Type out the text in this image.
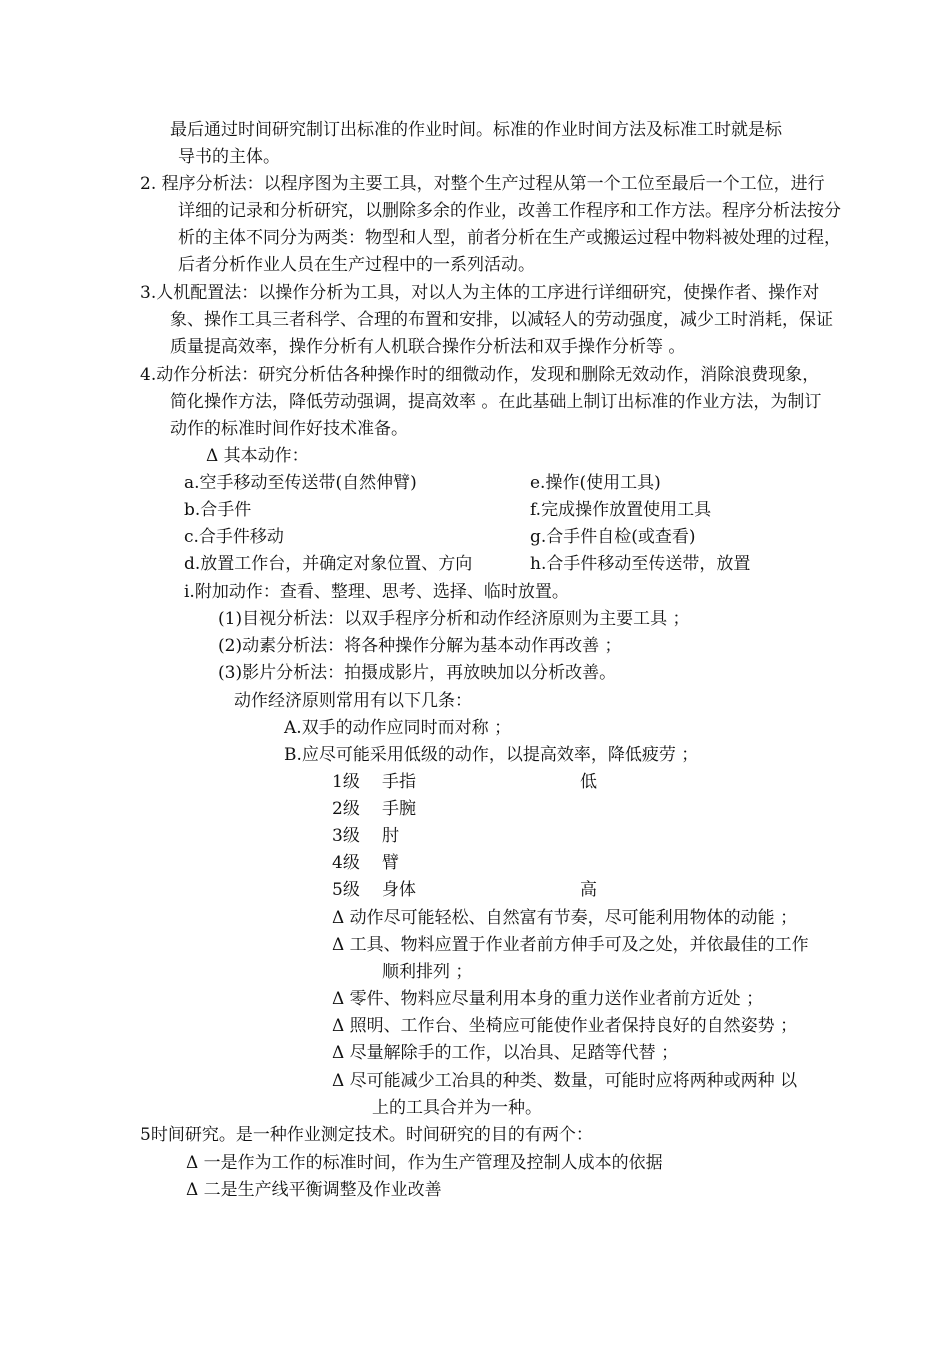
最后通过时间研究制订出标准的作业时间。标准的作业时间方法及标准工时就是标
导书的主体。
2. 程序分析法：以程序图为主要工具，对整个生产过程从第一个工位至最后一个工位，进行
详细的记录和分析研究，以删除多余的作业，改善工作程序和工作方法。程序分析法按分
析的主体不同分为两类：物型和人型，前者分析在生产或搬运过程中物料被处理的过程，
后者分析作业人员在生产过程中的一系列活动。
3.人机配置法：以操作分析为工具，对以人为主体的工序进行详细研究，使操作者、操作对
象、操作工具三者科学、合理的布置和安排，以减轻人的劳动强度，减少工时消耗，保证
质量提高效率，操作分析有人机联合操作分析法和双手操作分析等 。
4.动作分析法：研究分析估各种操作时的细微动作，发现和删除无效动作，消除浪费现象，
简化操作方法，降低劳动强调，提高效率 。在此基础上制订出标准的作业方法，为制订
动作的标准时间作好技术准备。
Δ 其本动作：
a.空手移动至传送带(自然伸臂)	e.操作(使用工具)
b.合手件	f.完成操作放置使用工具
c.合手件移动	g.合手件自检(或查看)
d.放置工作台，并确定对象位置、方向	h.合手件移动至传送带，放置
i.附加动作：查看、整理、思考、选择、临时放置。
(1)目视分析法：以双手程序分析和动作经济原则为主要工具 ；
(2)动素分析法：将各种操作分解为基本动作再改善 ；
(3)影片分析法：拍摄成影片，再放映加以分析改善。
动作经济原则常用有以下几条：
A.双手的动作应同时而对称 ；
B.应尽可能采用低级的动作，以提高效率，降低疲劳 ；
1级 手指	低
2级 手腕
3级 肘
4级 臂
5级 身体	高
Δ 动作尽可能轻松、自然富有节奏，尽可能利用物体的动能 ；
Δ 工具、物料应置于作业者前方伸手可及之处，并依最佳的工作
顺利排列 ；
Δ 零件、物料应尽量利用本身的重力送作业者前方近处 ；
Δ 照明、工作台、坐椅应可能使作业者保持良好的自然姿势 ；
Δ 尽量解除手的工作，以冶具、足踏等代替 ；
Δ 尽可能减少工冶具的种类、数量，可能时应将两种或两种 以
上的工具合并为一种。
5时间研究。是一种作业测定技术。时间研究的目的有两个：
Δ 一是作为工作的标准时间，作为生产管理及控制人成本的依据
Δ 二是生产线平衡调整及作业改善
